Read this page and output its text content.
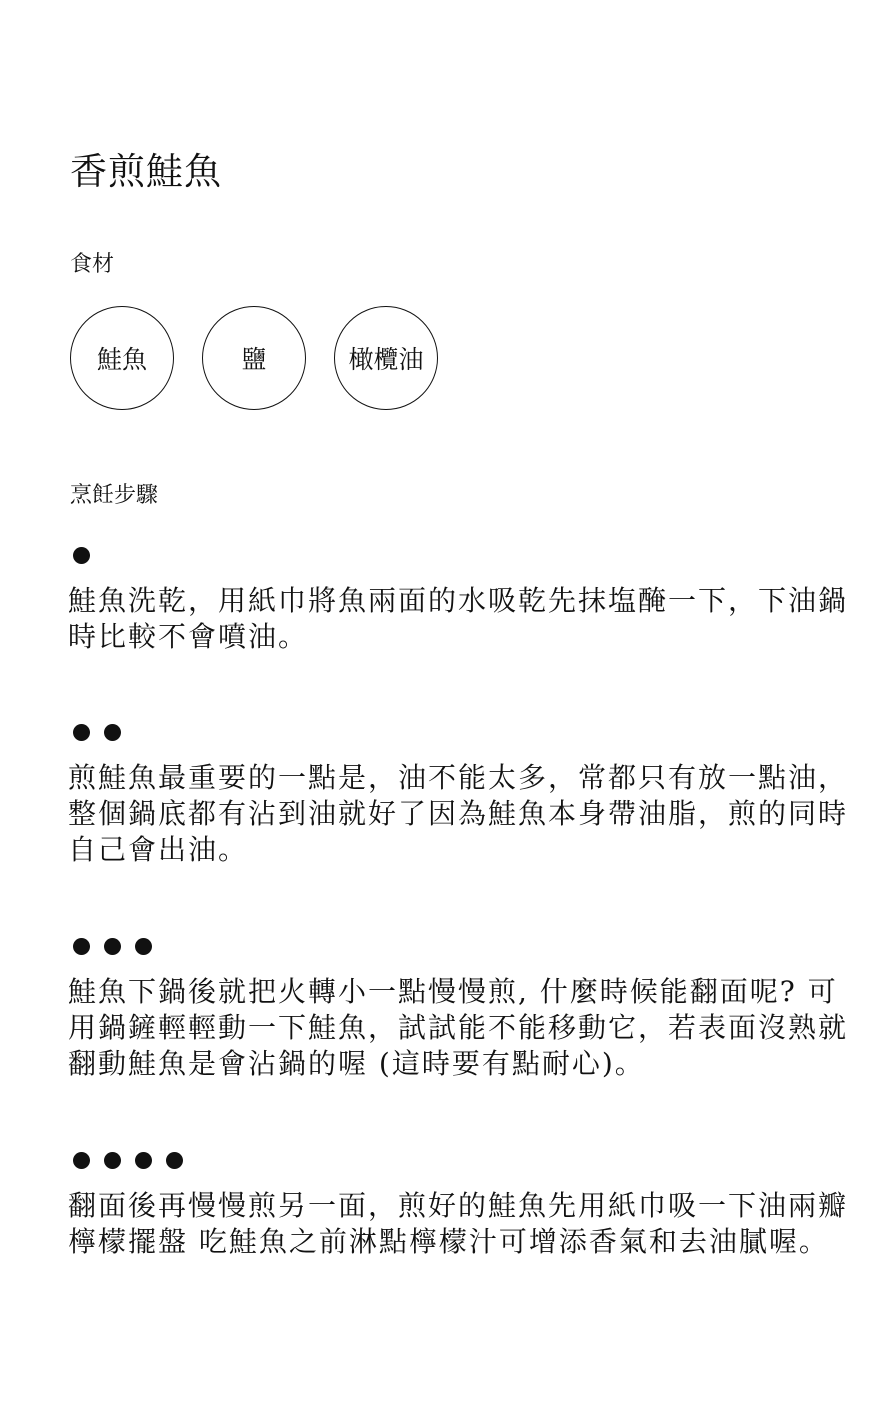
香煎鮭魚
食材
鮭魚	鹽	橄欖油
烹飪步驟
鮭魚洗乾，用紙巾將魚兩面的水吸乾先抹塩醃一下，下油鍋時比較不會噴油。
煎鮭魚最重要的一點是，油不能太多，常都只有放一點油，整個鍋底都有沾到油就好了因為鮭魚本身帶油脂，煎的同時自己會出油。
鮭魚下鍋後就把火轉小一點慢慢煎, 什麼時候能翻面呢? 可用鍋鏟輕輕動一下鮭魚，試試能不能移動它，若表面沒熟就翻動鮭魚是會沾鍋的喔 (這時要有點耐心)。
翻面後再慢慢煎另一面，煎好的鮭魚先用紙巾吸一下油兩瓣檸檬擺盤 吃鮭魚之前淋點檸檬汁可增添香氣和去油膩喔。
